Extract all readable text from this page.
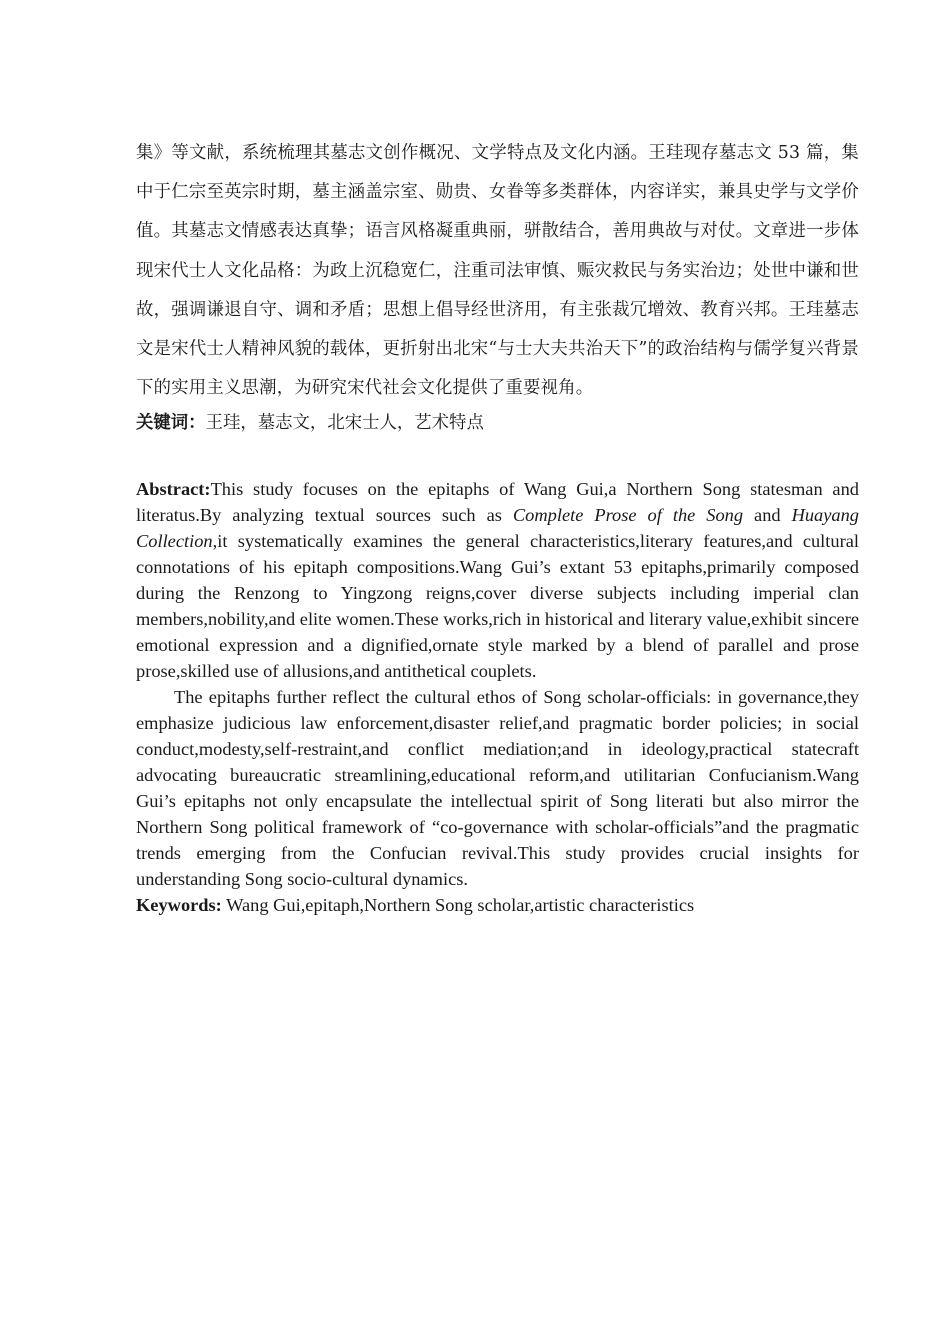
集》等文献，系统梳理其墓志文创作概况、文学特点及文化内涵。王珪现存墓志文 53 篇，集中于仁宗至英宗时期，墓主涵盖宗室、勋贵、女眷等多类群体，内容详实，兼具史学与文学价值。其墓志文情感表达真挚；语言风格凝重典丽，骈散结合，善用典故与对仗。文章进一步体现宋代士人文化品格：为政上沉稳宽仁，注重司法审慎、赈灾救民与务实治边；处世中谦和世故，强调谦退自守、调和矛盾；思想上倡导经世济用，有主张裁冗增效、教育兴邦。王珪墓志文是宋代士人精神风貌的载体，更折射出北宋“与士大夫共治天下”的政治结构与儒学复兴背景下的实用主义思潮，为研究宋代社会文化提供了重要视角。

关键词：王珪，墓志文，北宋士人，艺术特点

Abstract:This study focuses on the epitaphs of Wang Gui,a Northern Song statesman and literatus.By analyzing textual sources such as Complete Prose of the Song and Huayang Collection,it systematically examines the general characteristics,literary features,and cultural connotations of his epitaph compositions.Wang Gui’s extant 53 epitaphs,primarily composed during the Renzong to Yingzong reigns,cover diverse subjects including imperial clan members,nobility,and elite women.These works,rich in historical and literary value,exhibit sincere emotional expression and a dignified,ornate style marked by a blend of parallel and prose prose,skilled use of allusions,and antithetical couplets.

The epitaphs further reflect the cultural ethos of Song scholar-officials: in governance,they emphasize judicious law enforcement,disaster relief,and pragmatic border policies; in social conduct,modesty,self-restraint,and conflict mediation;and in ideology,practical statecraft advocating bureaucratic streamlining,educational reform,and utilitarian Confucianism.Wang Gui’s epitaphs not only encapsulate the intellectual spirit of Song literati but also mirror the Northern Song political framework of “co-governance with scholar-officials”and the pragmatic trends emerging from the Confucian revival.This study provides crucial insights for understanding Song socio-cultural dynamics.

Keywords: Wang Gui,epitaph,Northern Song scholar,artistic characteristics
